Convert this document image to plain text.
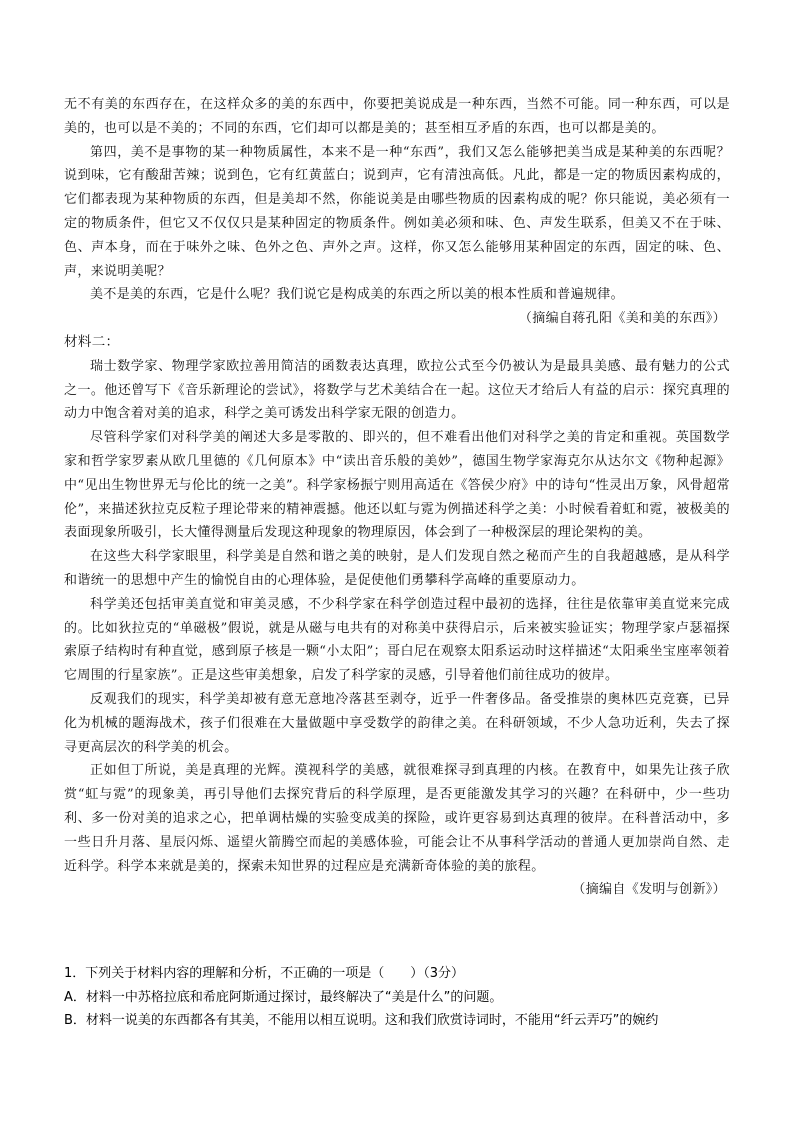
无不有美的东西存在，在这样众多的美的东西中，你要把美说成是一种东西，当然不可能。同一种东西，可以是美的，也可以是不美的；不同的东西，它们却可以都是美的；甚至相互矛盾的东西，也可以都是美的。

第四，美不是事物的某一种物质属性，本来不是一种“东西”，我们又怎么能够把美当成是某种美的东西呢？说到味，它有酸甜苦辣；说到色，它有红黄蓝白；说到声，它有清浊高低。凡此，都是一定的物质因素构成的，它们都表现为某种物质的东西，但是美却不然，你能说美是由哪些物质的因素构成的呢？你只能说，美必须有一定的物质条件，但它又不仅仅只是某种固定的物质条件。例如美必须和味、色、声发生联系，但美又不在于味、色、声本身，而在于味外之味、色外之色、声外之声。这样，你又怎么能够用某种固定的东西，固定的味、色、声，来说明美呢？

美不是美的东西，它是什么呢？我们说它是构成美的东西之所以美的根本性质和普遍规律。

（摘编自蒋孔阳《美和美的东西》）

材料二：

瑞士数学家、物理学家欧拉善用简洁的函数表达真理，欧拉公式至今仍被认为是最具美感、最有魅力的公式之一。他还曾写下《音乐新理论的尝试》，将数学与艺术美结合在一起。这位天才给后人有益的启示：探究真理的动力中饱含着对美的追求，科学之美可诱发出科学家无限的创造力。

尽管科学家们对科学美的阐述大多是零散的、即兴的，但不难看出他们对科学之美的肯定和重视。英国数学家和哲学家罗素从欧几里德的《几何原本》中“读出音乐般的美妙”，德国生物学家海克尔从达尔文《物种起源》中“见出生物世界无与伦比的统一之美”。科学家杨振宁则用高适在《答侯少府》中的诗句“性灵出万象，风骨超常伦”，来描述狄拉克反粒子理论带来的精神震撼。他还以虹与霓为例描述科学之美：小时候看着虹和霓，被极美的表面现象所吸引，长大懂得测量后发现这种现象的物理原因，体会到了一种极深层的理论架构的美。

在这些大科学家眼里，科学美是自然和谐之美的映射，是人们发现自然之秘而产生的自我超越感，是从科学和谐统一的思想中产生的愉悦自由的心理体验，是促使他们勇攀科学高峰的重要原动力。

科学美还包括审美直觉和审美灵感，不少科学家在科学创造过程中最初的选择，往往是依靠审美直觉来完成的。比如狄拉克的“单磁极”假说，就是从磁与电共有的对称美中获得启示，后来被实验证实；物理学家卢瑟福探索原子结构时有种直觉，感到原子核是一颗“小太阳”；哥白尼在观察太阳系运动时这样描述“太阳乘坐宝座率领着它周围的行星家族”。正是这些审美想象，启发了科学家的灵感，引导着他们前往成功的彼岸。

反观我们的现实，科学美却被有意无意地冷落甚至剥夺，近乎一件奢侈品。备受推崇的奥林匹克竞赛，已异化为机械的题海战术，孩子们很难在大量做题中享受数学的韵律之美。在科研领域，不少人急功近利，失去了探寻更高层次的科学美的机会。

正如但丁所说，美是真理的光辉。漠视科学的美感，就很难探寻到真理的内核。在教育中，如果先让孩子欣赏“虹与霓”的现象美，再引导他们去探究背后的科学原理，是否更能激发其学习的兴趣？在科研中，少一些功利、多一份对美的追求之心，把单调枯燥的实验变成美的探险，或许更容易到达真理的彼岸。在科普活动中，多一些日升月落、星辰闪烁、遥望火箭腾空而起的美感体验，可能会让不从事科学活动的普通人更加崇尚自然、走近科学。科学本来就是美的，探索未知世界的过程应是充满新奇体验的美的旅程。

（摘编自《发明与创新》）

1．下列关于材料内容的理解和分析，不正确的一项是（　　）（3分）

A．材料一中苏格拉底和希庇阿斯通过探讨，最终解决了“美是什么”的问题。

B．材料一说美的东西都各有其美，不能用以相互说明。这和我们欣赏诗词时，不能用“纤云弄巧”的婉约
